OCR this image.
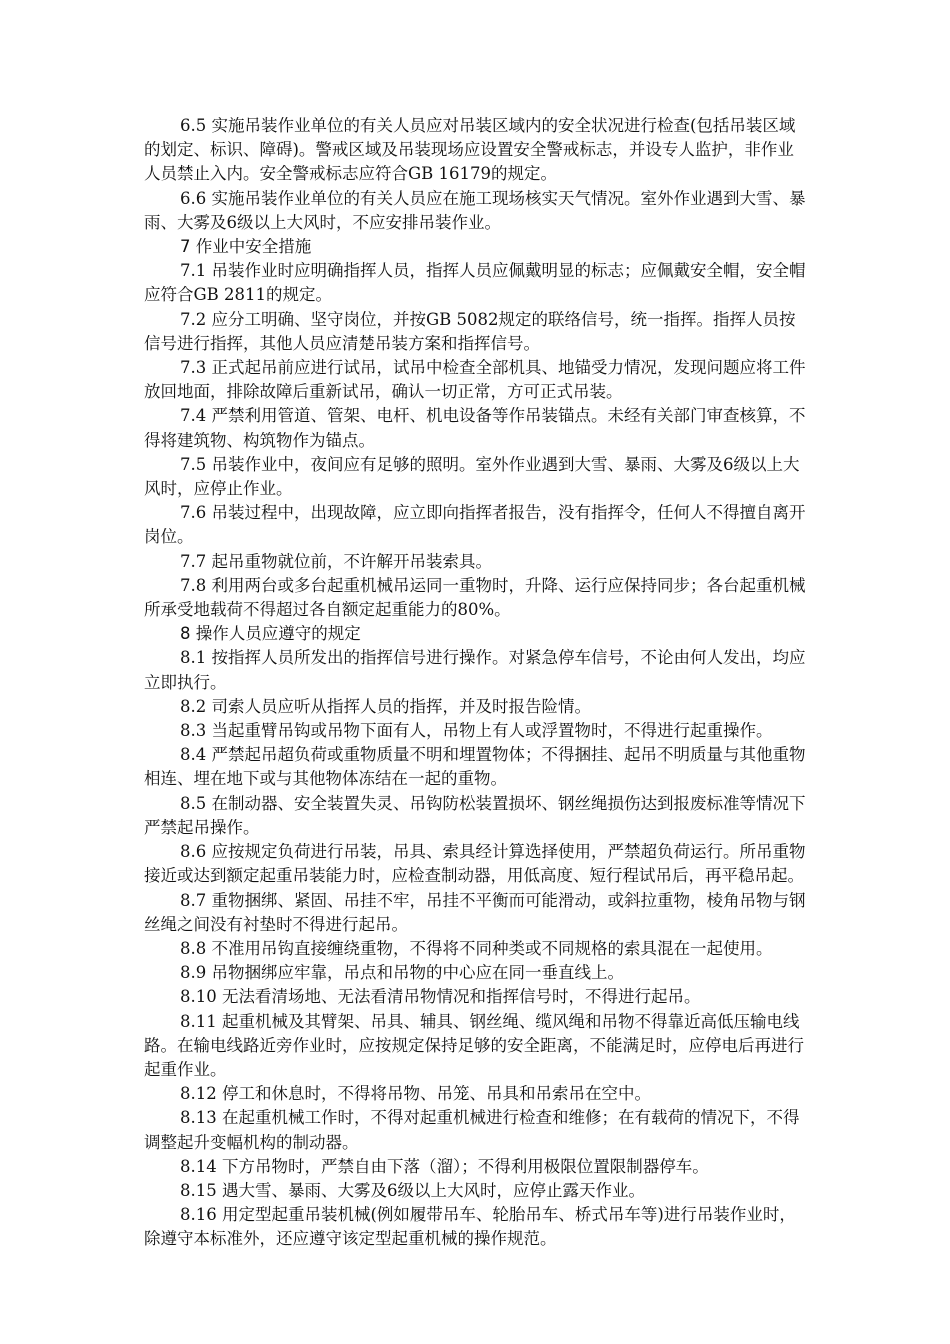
6.5 实施吊装作业单位的有关人员应对吊装区域内的安全状况进行检查(包括吊装区域的划定、标识、障碍)。警戒区域及吊装现场应设置安全警戒标志，并设专人监护，非作业人员禁止入内。安全警戒标志应符合GB 16179的规定。

6.6 实施吊装作业单位的有关人员应在施工现场核实天气情况。室外作业遇到大雪、暴雨、大雾及6级以上大风时，不应安排吊装作业。

7 作业中安全措施

7.1 吊装作业时应明确指挥人员，指挥人员应佩戴明显的标志；应佩戴安全帽，安全帽应符合GB 2811的规定。

7.2 应分工明确、坚守岗位，并按GB 5082规定的联络信号，统一指挥。指挥人员按信号进行指挥，其他人员应清楚吊装方案和指挥信号。

7.3 正式起吊前应进行试吊，试吊中检查全部机具、地锚受力情况，发现问题应将工件放回地面，排除故障后重新试吊，确认一切正常，方可正式吊装。

7.4 严禁利用管道、管架、电杆、机电设备等作吊装锚点。未经有关部门审查核算，不得将建筑物、构筑物作为锚点。

7.5 吊装作业中，夜间应有足够的照明。室外作业遇到大雪、暴雨、大雾及6级以上大风时，应停止作业。

7.6 吊装过程中，出现故障，应立即向指挥者报告，没有指挥令，任何人不得擅自离开岗位。

7.7 起吊重物就位前，不许解开吊装索具。

7.8 利用两台或多台起重机械吊运同一重物时，升降、运行应保持同步；各台起重机械所承受地载荷不得超过各自额定起重能力的80%。

8 操作人员应遵守的规定

8.1 按指挥人员所发出的指挥信号进行操作。对紧急停车信号，不论由何人发出，均应立即执行。

8.2 司索人员应听从指挥人员的指挥，并及时报告险情。

8.3 当起重臂吊钩或吊物下面有人，吊物上有人或浮置物时，不得进行起重操作。

8.4 严禁起吊超负荷或重物质量不明和埋置物体；不得捆挂、起吊不明质量与其他重物相连、埋在地下或与其他物体冻结在一起的重物。

8.5 在制动器、安全装置失灵、吊钩防松装置损坏、钢丝绳损伤达到报废标准等情况下严禁起吊操作。

8.6 应按规定负荷进行吊装，吊具、索具经计算选择使用，严禁超负荷运行。所吊重物接近或达到额定起重吊装能力时，应检查制动器，用低高度、短行程试吊后，再平稳吊起。

8.7 重物捆绑、紧固、吊挂不牢，吊挂不平衡而可能滑动，或斜拉重物，棱角吊物与钢丝绳之间没有衬垫时不得进行起吊。

8.8 不准用吊钩直接缠绕重物，不得将不同种类或不同规格的索具混在一起使用。

8.9 吊物捆绑应牢靠，吊点和吊物的中心应在同一垂直线上。

8.10 无法看清场地、无法看清吊物情况和指挥信号时，不得进行起吊。

8.11 起重机械及其臂架、吊具、辅具、钢丝绳、缆风绳和吊物不得靠近高低压输电线路。在输电线路近旁作业时，应按规定保持足够的安全距离，不能满足时，应停电后再进行起重作业。

8.12 停工和休息时，不得将吊物、吊笼、吊具和吊索吊在空中。

8.13 在起重机械工作时，不得对起重机械进行检查和维修；在有载荷的情况下，不得调整起升变幅机构的制动器。

8.14 下方吊物时，严禁自由下落（溜）；不得利用极限位置限制器停车。

8.15 遇大雪、暴雨、大雾及6级以上大风时，应停止露天作业。

8.16 用定型起重吊装机械(例如履带吊车、轮胎吊车、桥式吊车等)进行吊装作业时，除遵守本标准外，还应遵守该定型起重机械的操作规范。
